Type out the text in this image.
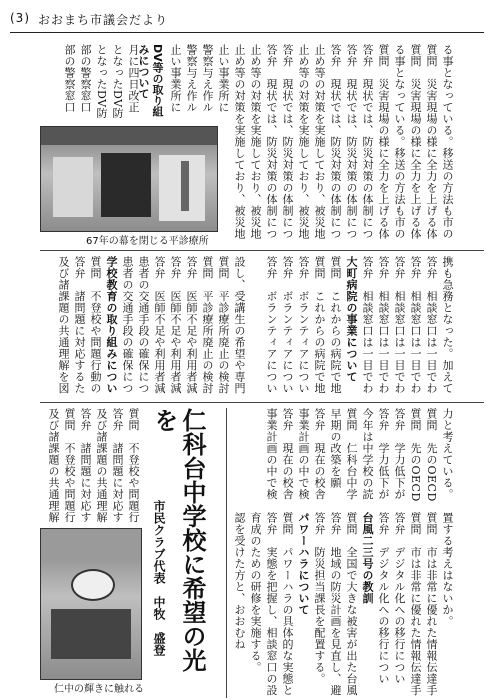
(3) おおまち市議会だより
る事となっている。移送の方法も市の
質問　災害現場の様に全力を上げる体
質問　災害現場の様に全力を上げる体
る事となっている。移送の方法も市の
質問　災害現場の様に全力を上げる体
答弁　現状では、防災対策の体制につ
答弁　現状では、防災対策の体制につ
答弁　現状では、防災対策の体制につ
止め等の対策を実施しており、被災地
止め等の対策を実施しており、被災地
答弁　現状では、防災対策の体制につ
答弁　現状では、防災対策の体制につ
止め等の対策を実施しており、被災地
止め等の対策を実施しており、被災地
止い事業所に
警察与え作ル
警察与え作ル
止い事業所に
DV等の取り組みについて
月に四日改正
となったDV防
となったDV防
部の警察窓口
部の警察窓口
67年の幕を閉じる平診療所
携も急務となった。加えて
答弁　相談窓口は一目でわ
答弁　相談窓口は一目でわ
答弁　相談窓口は一目でわ
答弁　相談窓口は一目でわ
答弁　相談窓口は一目でわ
大町病院の事業について
質問　これからの病院で地
質問　これからの病院で地
答弁　ボランティアについ
答弁　ボランティアについ
答弁　ボランティアについ
設し、受講生の希望や専門
質問　平診療所廃止の検討
質問　平診療所廃止の検討
答弁　医師不足や利用者減
答弁　医師不足や利用者減
答弁　医師不足や利用者減
患者の交通手段の確保につ
患者の交通手段の確保につ
学校教育の取り組みについ
質問　不登校や問題行動の
答弁　諸問題に対応するた
及び諸課題の共通理解を図
力と考えている。
質問　先のOECD
質問　先のOECD
答弁　学力低下が
答弁　学力低下が
今年は中学校の読
質問　仁科台中学
早期の改築を願
答弁　現在の校舎
事業計画の中で検
答弁　現在の校舎
事業計画の中で検
仁科台中学校に希望の光を
市民クラブ代表　中牧　盛登
質問　不登校や問題行
答弁　諸問題に対応す
及び諸課題の共通理解
答弁　諸問題に対応す
質問　不登校や問題行
及び諸課題の共通理解	置する考えはないか。
質問　市は非常に優れた情報伝達手
質問　市は非常に優れた情報伝達手
答弁　デジタル化への移行につい
答弁　デジタル化への移行につい
台風二三号の教訓
質問　全国で大きな被害が出た台風
答弁　地域の防災計画を見直し、避
答弁　防災担当課長を配置する。
パワーハラについて
質問　パワーハラの具体的な実態と
答弁　実態を把握し、相談窓口の設
育成のための研修を実施する。
認を受けた方と、おおむね
仁中の輝きに触れる
